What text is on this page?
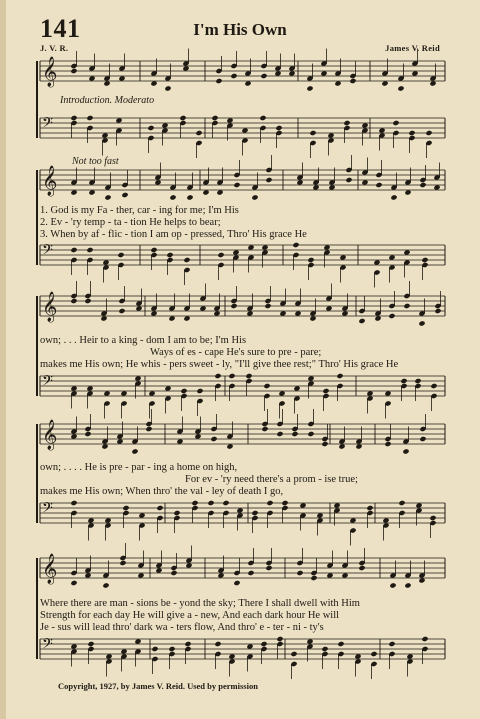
𝄞
𝄢
𝄞
𝄢
𝄞
𝄢
𝄞
𝄢
𝄞
𝄢
141	I'm His Own
J. V. R.	James V. Reid
Introduction. Moderato
Not too fast
1. God is my Fa - ther, car - ing for me; I'm His
2. Ev - 'ry temp - ta - tion He helps to bear;
3. When by af - flic - tion I am op - pressed, Thro' His grace He
own; . . . Heir to a king - dom I am to be; I'm His
Ways of es - cape He's sure to pre - pare;
makes me His own; He whis - pers sweet - ly, "I'll give thee rest;" Thro' His grace He
own; . . . . He is pre - par - ing a home on high,
For ev - 'ry need there's a prom - ise true;
makes me His own; When thro' the val - ley of death I go,
Where there are man - sions be - yond the sky; There I shall dwell with Him
Strength for each day He will give a - new, And each dark hour He will
Je - sus will lead thro' dark wa - ters flow, And thro' e - ter - ni - ty's
Copyright, 1927, by James V. Reid. Used by permission
